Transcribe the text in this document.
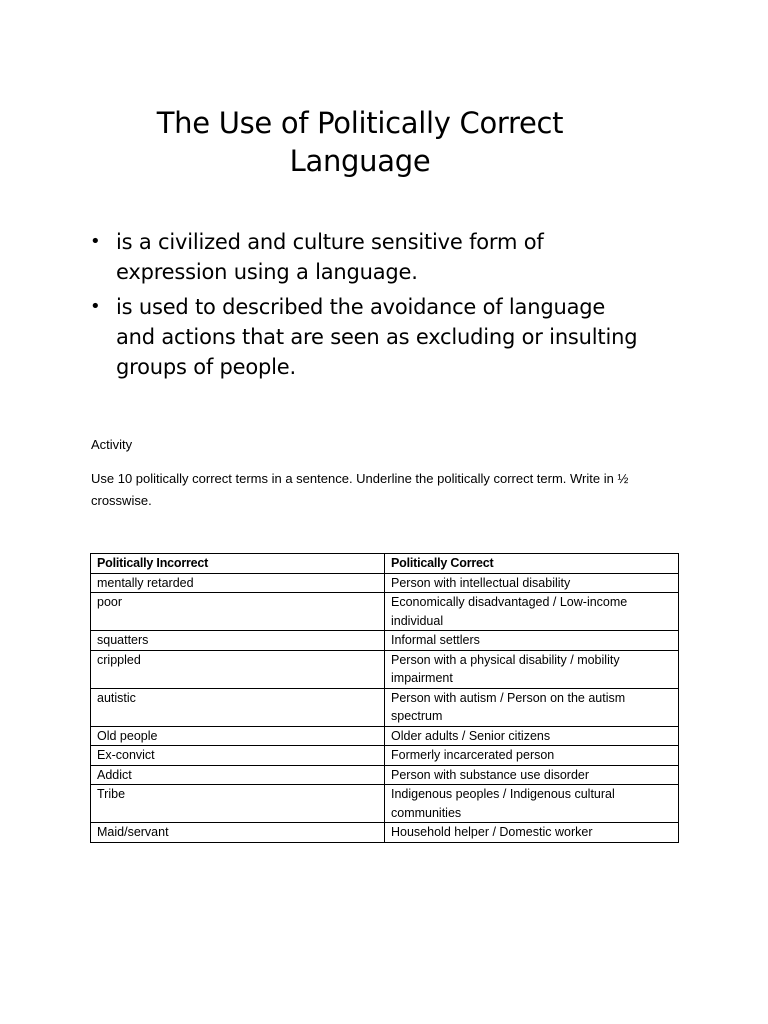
The Use of Politically Correct
Language
• is a civilized and culture sensitive form of expression using a language.
• is used to described the avoidance of language and actions that are seen as excluding or insulting groups of people.
Activity
Use 10 politically correct terms in a sentence. Underline the politically correct term. Write in ½ crosswise.
Politically Incorrect	Politically Correct
mentally retarded	Person with intellectual disability
poor	Economically disadvantaged / Low-income individual
squatters	Informal settlers
crippled	Person with a physical disability / mobility impairment
autistic	Person with autism / Person on the autism spectrum
Old people	Older adults / Senior citizens
Ex-convict	Formerly incarcerated person
Addict	Person with substance use disorder
Tribe	Indigenous peoples / Indigenous cultural communities
Maid/servant	Household helper / Domestic worker
